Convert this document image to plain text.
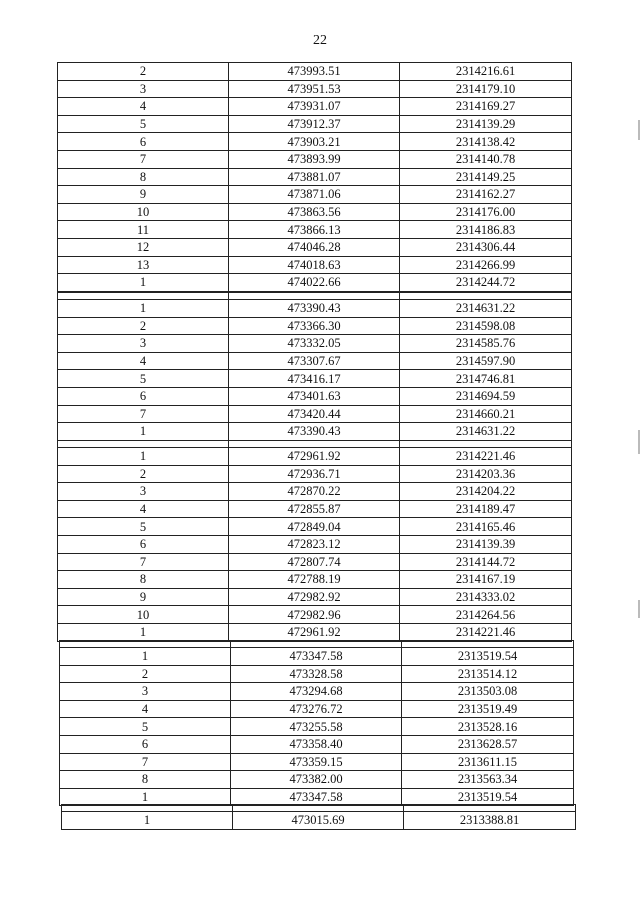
22
2	473993.51	2314216.61
3	473951.53	2314179.10
4	473931.07	2314169.27
5	473912.37	2314139.29
6	473903.21	2314138.42
7	473893.99	2314140.78
8	473881.07	2314149.25
9	473871.06	2314162.27
10	473863.56	2314176.00
11	473866.13	2314186.83
12	474046.28	2314306.44
13	474018.63	2314266.99
1	474022.66	2314244.72

1	473390.43	2314631.22
2	473366.30	2314598.08
3	473332.05	2314585.76
4	473307.67	2314597.90
5	473416.17	2314746.81
6	473401.63	2314694.59
7	473420.44	2314660.21
1	473390.43	2314631.22

1	472961.92	2314221.46
2	472936.71	2314203.36
3	472870.22	2314204.22
4	472855.87	2314189.47
5	472849.04	2314165.46
6	472823.12	2314139.39
7	472807.74	2314144.72
8	472788.19	2314167.19
9	472982.92	2314333.02
10	472982.96	2314264.56
1	472961.92	2314221.46

1	473347.58	2313519.54
2	473328.58	2313514.12
3	473294.68	2313503.08
4	473276.72	2313519.49
5	473255.58	2313528.16
6	473358.40	2313628.57
7	473359.15	2313611.15
8	473382.00	2313563.34
1	473347.58	2313519.54

1	473015.69	2313388.81
